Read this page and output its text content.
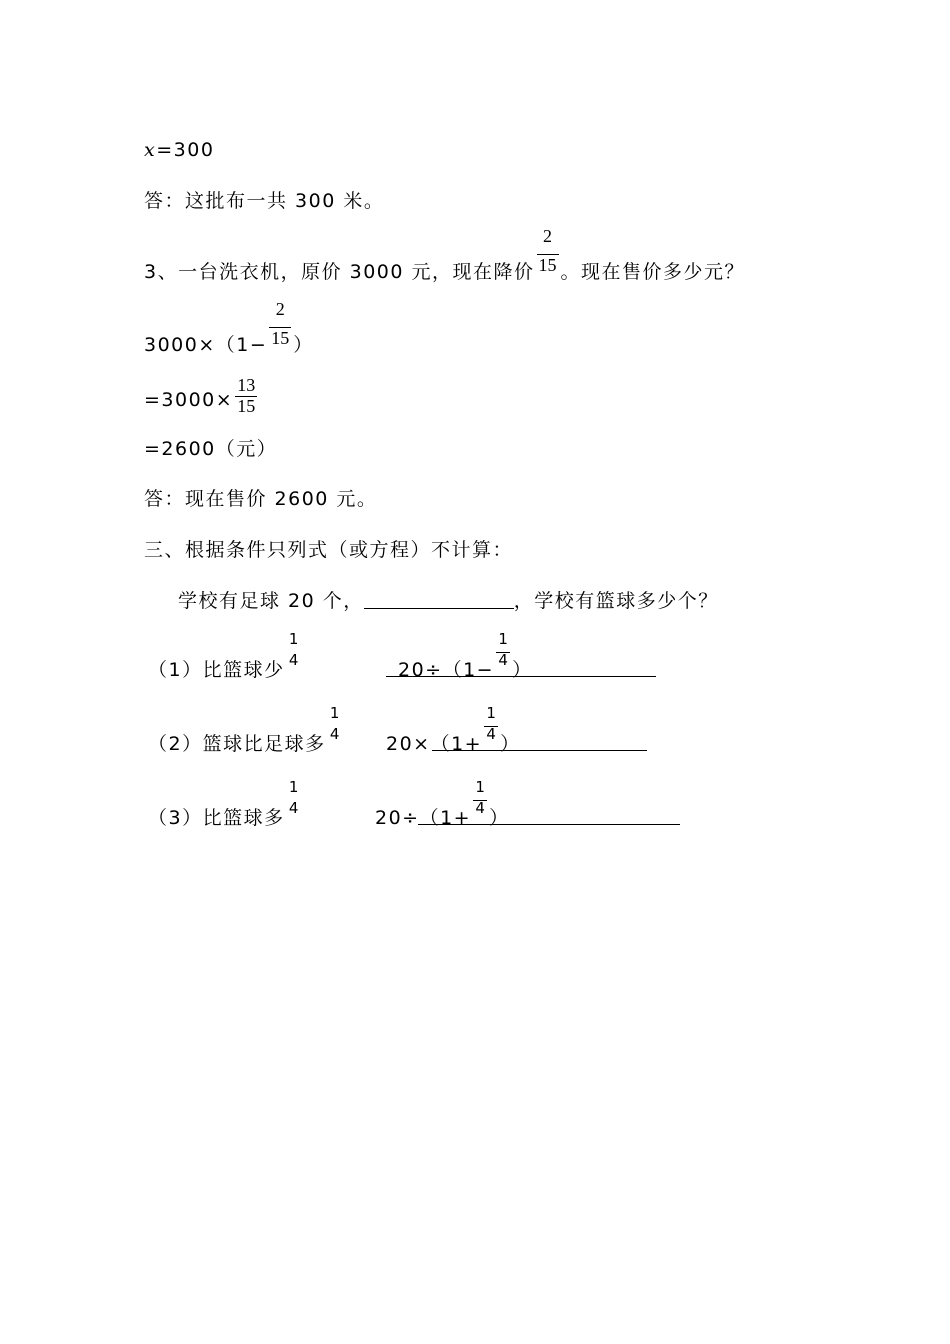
x=300
答：这批布一共 300 米。
3、一台洗衣机，原价 3000 元，现在降价 $\frac{2}{15}$ 。现在售价多少元？
$3000\times(1- \frac{2}{15}$ ）
$=3000\times \frac{13}{15}$
=2600（元）
答：现在售价 2600 元。
三、根据条件只列式（或方程）不计算：
学校有足球 20 个，	，学校有篮球多少个？
（1）比篮球少
1
4	$20\div(1- \frac{1}{4}$ ）
（2）篮球比足球多
1
4 $20\times(1+ \frac{1}{4}$ ）
（3）比篮球多
1
4	$20\div(1+ \frac{1}{4}$ ）
